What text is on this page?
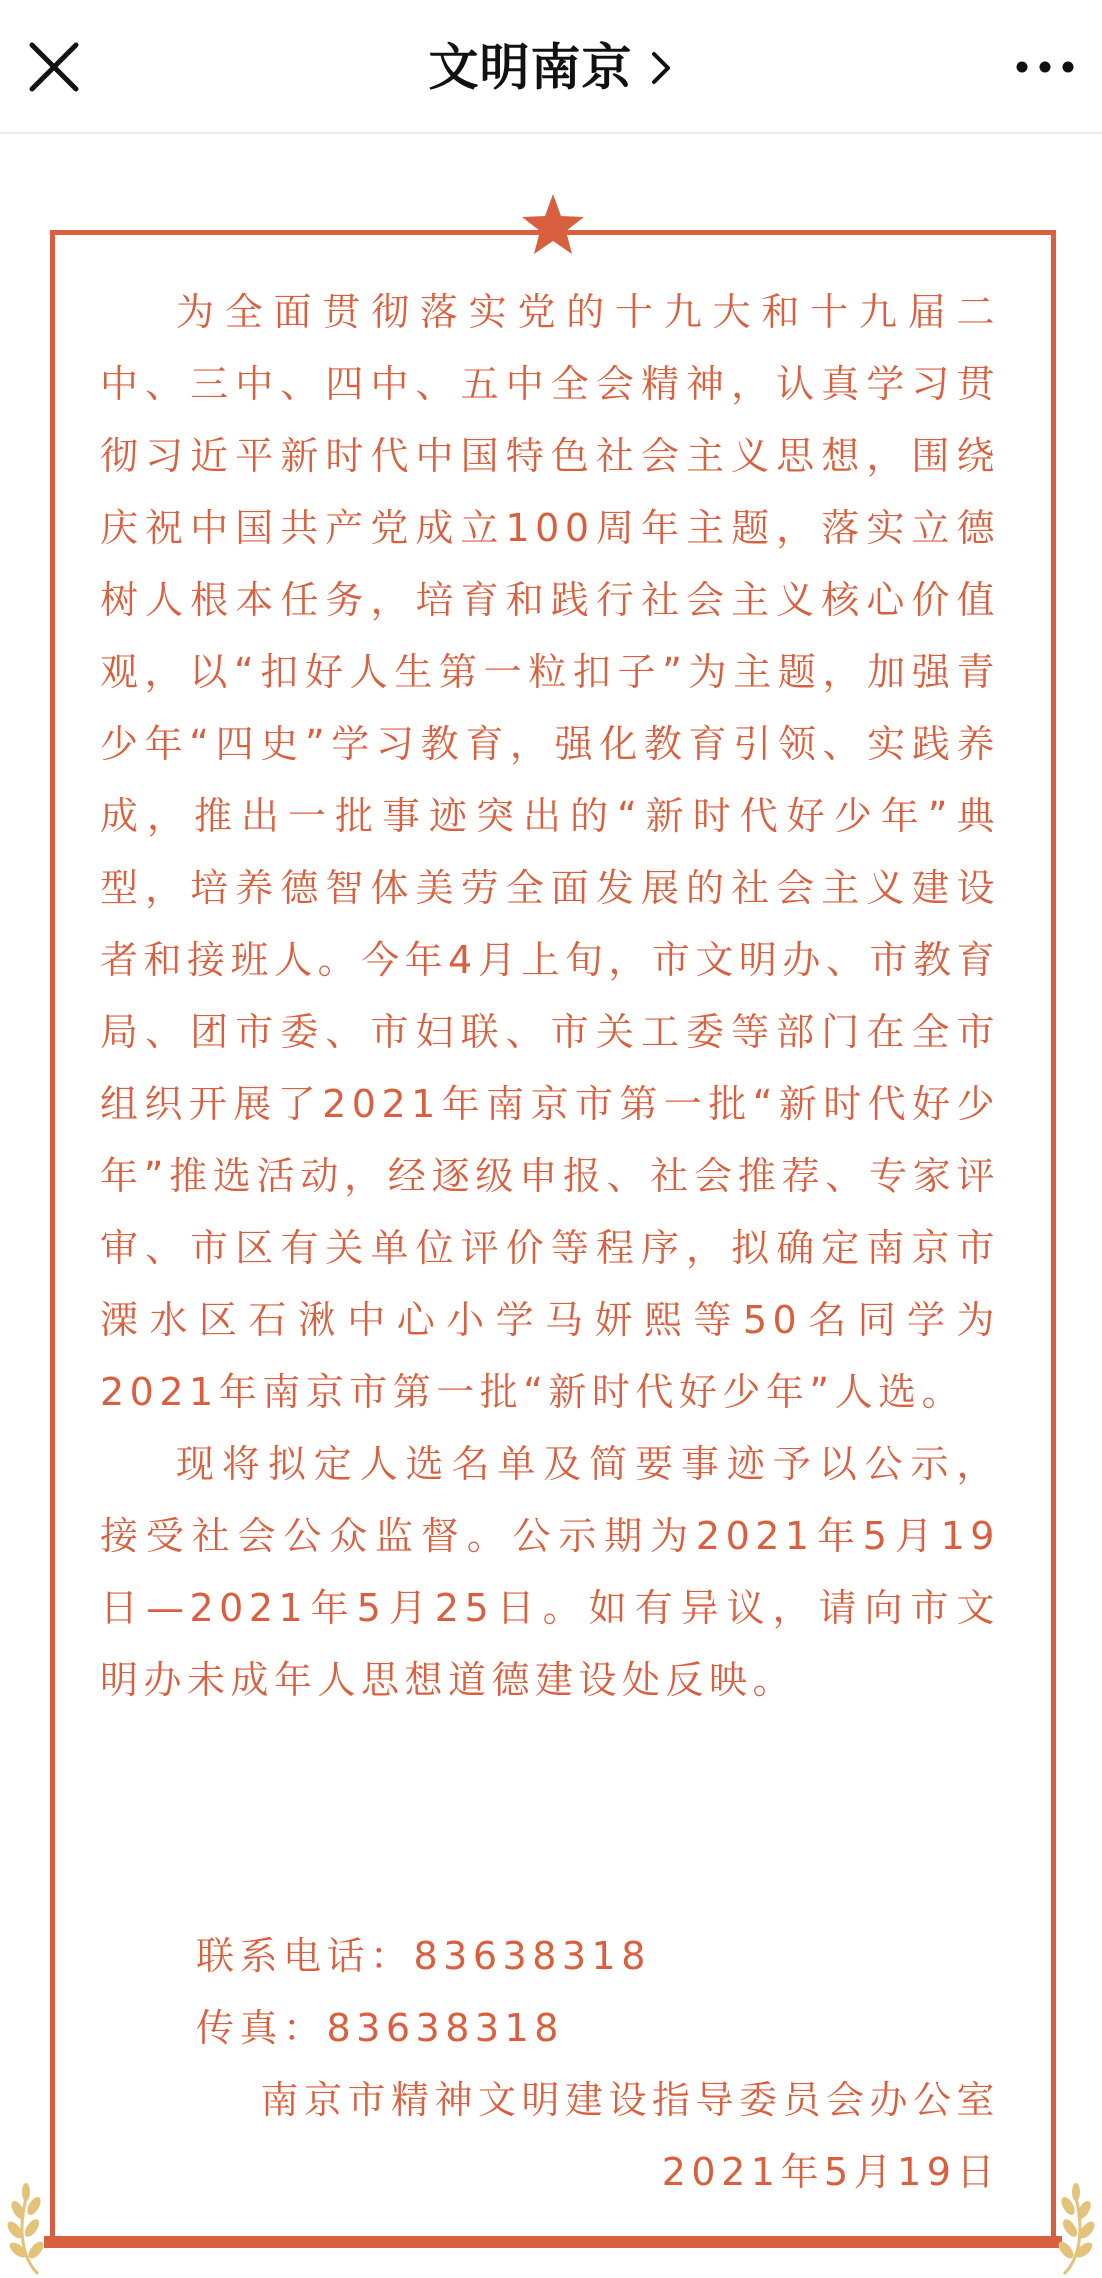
文明南京

为全面贯彻落实党的十九大和十九届二中、三中、四中、五中全会精神，认真学习贯彻习近平新时代中国特色社会主义思想，围绕庆祝中国共产党成立100周年主题，落实立德树人根本任务，培育和践行社会主义核心价值观，以“扣好人生第一粒扣子”为主题，加强青少年“四史”学习教育，强化教育引领、实践养成，推出一批事迹突出的“新时代好少年”典型，培养德智体美劳全面发展的社会主义建设者和接班人。今年4月上旬，市文明办、市教育局、团市委、市妇联、市关工委等部门在全市组织开展了2021年南京市第一批“新时代好少年”推选活动，经逐级申报、社会推荐、专家评审、市区有关单位评价等程序，拟确定南京市溧水区石湫中心小学马妍熙等50名同学为2021年南京市第一批“新时代好少年”人选。

现将拟定人选名单及简要事迹予以公示，接受社会公众监督。公示期为2021年5月19日—2021年5月25日。如有异议，请向市文明办未成年人思想道德建设处反映。

联系电话：83638318
传真：83638318
南京市精神文明建设指导委员会办公室
2021年5月19日
